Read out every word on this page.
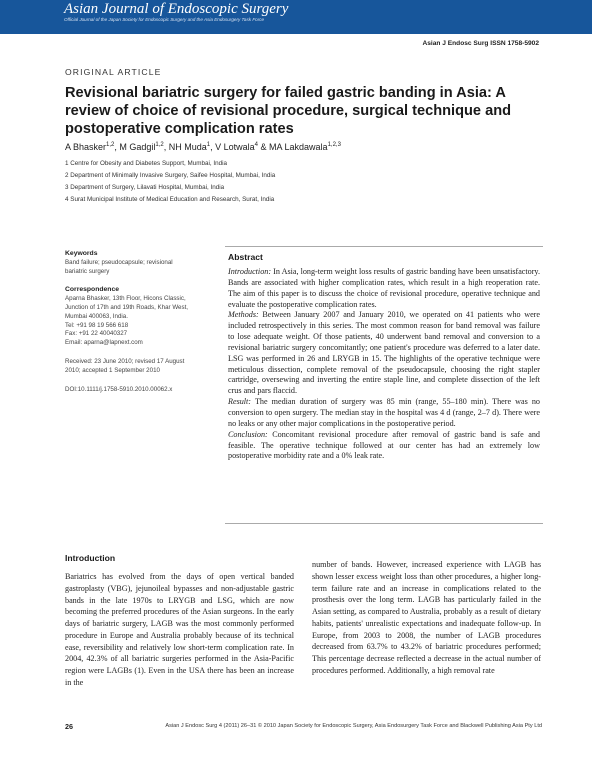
Asian Journal of Endoscopic Surgery
Official Journal of the Japan Society for Endoscopic Surgery and the Asia Endosurgery Task Force
Asian J Endosc Surg ISSN 1758-5902
ORIGINAL ARTICLE
Revisional bariatric surgery for failed gastric banding in Asia: A review of choice of revisional procedure, surgical technique and postoperative complication rates
A Bhasker$^{1,2}$, M Gadgil$^{1,2}$, NH Muda$^1$, V Lotwala$^4$ & MA Lakdawala$^{1,2,3}$
1 Centre for Obesity and Diabetes Support, Mumbai, India
2 Department of Minimally Invasive Surgery, Saifee Hospital, Mumbai, India
3 Department of Surgery, Lilavati Hospital, Mumbai, India
4 Surat Municipal Institute of Medical Education and Research, Surat, India

Keywords

Band failure; pseudocapsule; revisional bariatric surgery

Correspondence

Aparna Bhasker, 13th Floor, Hicons Classic,

Junction of 17th and 19th Roads, Khar West,

Mumbai 400063, India.

Tel: +91 98 19 566 618

Fax: +91 22 40040327

Email: aparna@lapnext.com

Received: 23 June 2010; revised 17 August

2010; accepted 1 September 2010

DOI:10.1111/j.1758-5910.2010.00062.x

Abstract

Introduction: In Asia, long-term weight loss results of gastric banding have been unsatisfactory. Bands are associated with higher complication rates, which result in a high reoperation rate. The aim of this paper is to discuss the choice of revisional procedure, operative technique and evaluate the postoperative complication rates.

Methods: Between January 2007 and January 2010, we operated on 41 patients who were included retrospectively in this series. The most common reason for band removal was failure to lose adequate weight. Of those patients, 40 underwent band removal and conversion to a revisional bariatric surgery concomitantly; one patient's procedure was deferred to a later date. LSG was performed in 26 and LRYGB in 15. The highlights of the operative technique were meticulous dissection, complete removal of the pseudocapsule, choosing the right stapler cartridge, oversewing and inverting the entire staple line, and complete dissection of the left crus and pars flaccid.

Result: The median duration of surgery was 85 min (range, 55–180 min). There was no conversion to open surgery. The median stay in the hospital was 4 d (range, 2–7 d). There were no leaks or any other major complications in the postoperative period.

Conclusion: Concomitant revisional procedure after removal of gastric band is safe and feasible. The operative technique followed at our center has had an extremely low postoperative morbidity rate and a 0% leak rate.

Introduction

Bariatrics has evolved from the days of open vertical banded gastroplasty (VBG), jejunoileal bypasses and non-adjustable gastric bands in the late 1970s to LRYGB and LSG, which are now becoming the preferred procedures of the Asian surgeons. In the early days of bariatric surgery, LAGB was the most commonly performed procedure in Europe and Australia probably because of its technical ease, reversibility and relatively low short-term complication rate. In 2004, 42.3% of all bariatric surgeries performed in the Asia-Pacific region were LAGBs (1). Even in the USA there has been an increase in the

number of bands. However, increased experience with LAGB has shown lesser excess weight loss than other procedures, a higher long-term failure rate and an increase in complications related to the prosthesis over the long term. LAGB has particularly failed in the Asian setting, as compared to Australia, probably as a result of dietary habits, patients' unrealistic expectations and inadequate follow-up. In Europe, from 2003 to 2008, the number of LAGB procedures decreased from 63.7% to 43.2% of bariatric procedures performed; This percentage decrease reflected a decrease in the actual number of procedures performed. Additionally, a high removal rate

26	Asian J Endosc Surg 4 (2011) 26–31 © 2010 Japan Society for Endoscopic Surgery, Asia Endosurgery Task Force and Blackwell Publishing Asia Pty Ltd
